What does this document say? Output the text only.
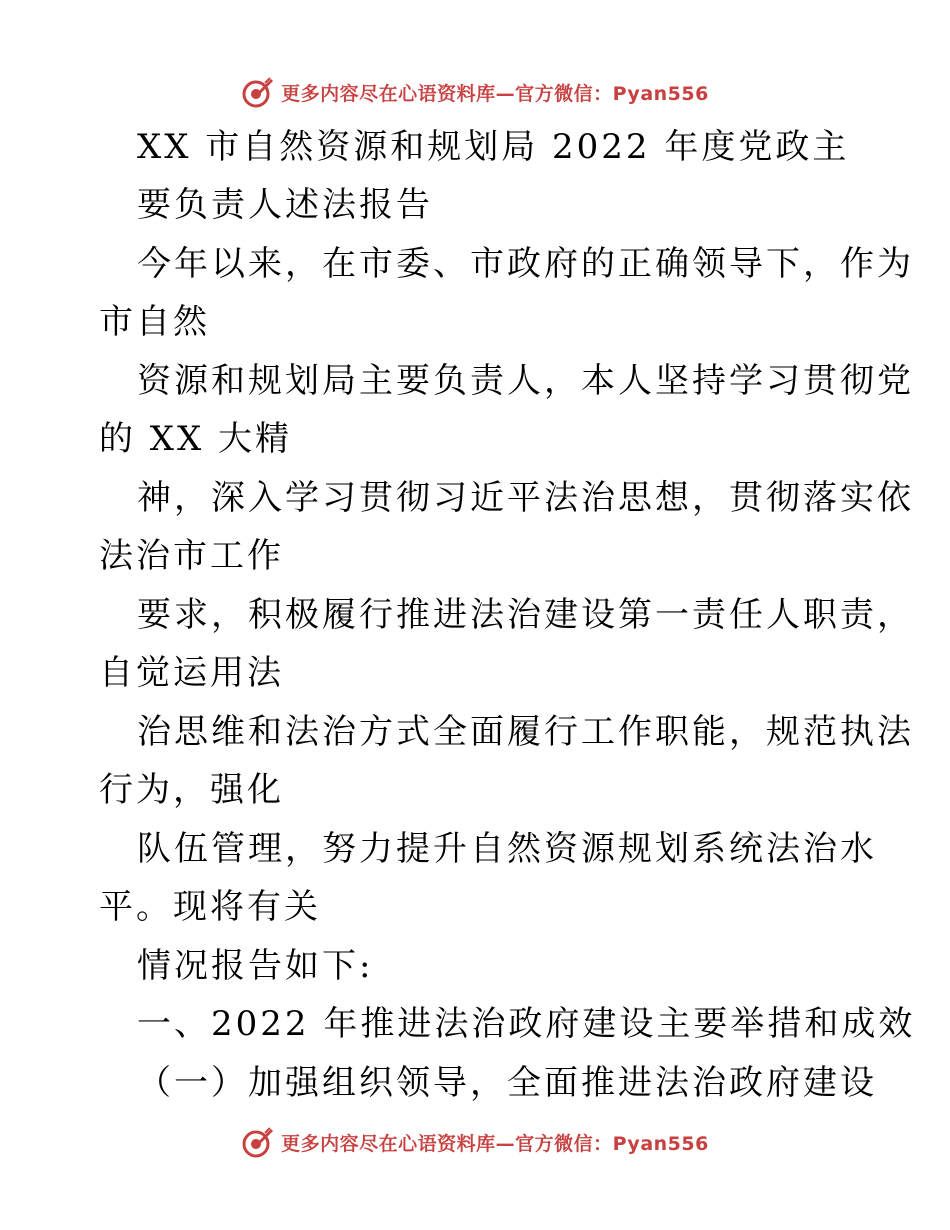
更多内容尽在心语资料库—官方微信：Pyan556
XX 市自然资源和规划局 2022 年度党政主
要负责人述法报告
今年以来，在市委、市政府的正确领导下，作为
市自然
资源和规划局主要负责人，本人坚持学习贯彻党
的 XX 大精
神，深入学习贯彻习近平法治思想，贯彻落实依
法治市工作
要求，积极履行推进法治建设第一责任人职责，
自觉运用法
治思维和法治方式全面履行工作职能，规范执法
行为，强化
队伍管理，努力提升自然资源规划系统法治水
平。现将有关
情况报告如下:
一、2022 年推进法治政府建设主要举措和成效
（一）加强组织领导，全面推进法治政府建设
更多内容尽在心语资料库—官方微信：Pyan556
